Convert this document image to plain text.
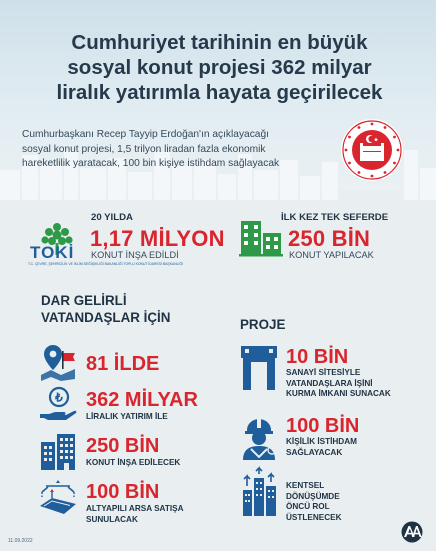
Cumhuriyet tarihinin en büyük
sosyal konut projesi 362 milyar
liralık yatırımla hayata geçirilecek
Cumhurbaşkanı Recep Tayyip Erdoğan'ın açıklayacağı
sosyal konut projesi, 1,5 trilyon liradan fazla ekonomik
hareketlilik yaratacak, 100 bin kişiye istihdam sağlayacak
TOKİ
T.C. ÇEVRE, ŞEHİRCİLİK VE İKLİM DEĞİŞİKLİĞİ BAKANLIĞI TOPLU KONUT İDARESİ BAŞKANLIĞI
20 YILDA
1,17 MİLYON
KONUT İNŞA EDİLDİ
İLK KEZ TEK SEFERDE
250 BİN
KONUT YAPILACAK
DAR GELİRLİ
VATANDAŞLAR İÇİN
81 İLDE
₺ 362 MİLYAR
LİRALIK YATIRIM İLE
250 BİN
KONUT İNŞA EDİLECEK
100 BİN
ALTYAPILI ARSA SATIŞA
SUNULACAK
PROJE
10 BİN
SANAYİ SİTESİYLE
VATANDAŞLARA İŞİNİ
KURMA İMKANI SUNACAK
100 BİN
KİŞİLİK İSTİHDAM
SAĞLAYACAK
KENTSEL
DÖNÜŞÜMDE
ÖNCÜ ROL
ÜSTLENECEK
11.09.2022
